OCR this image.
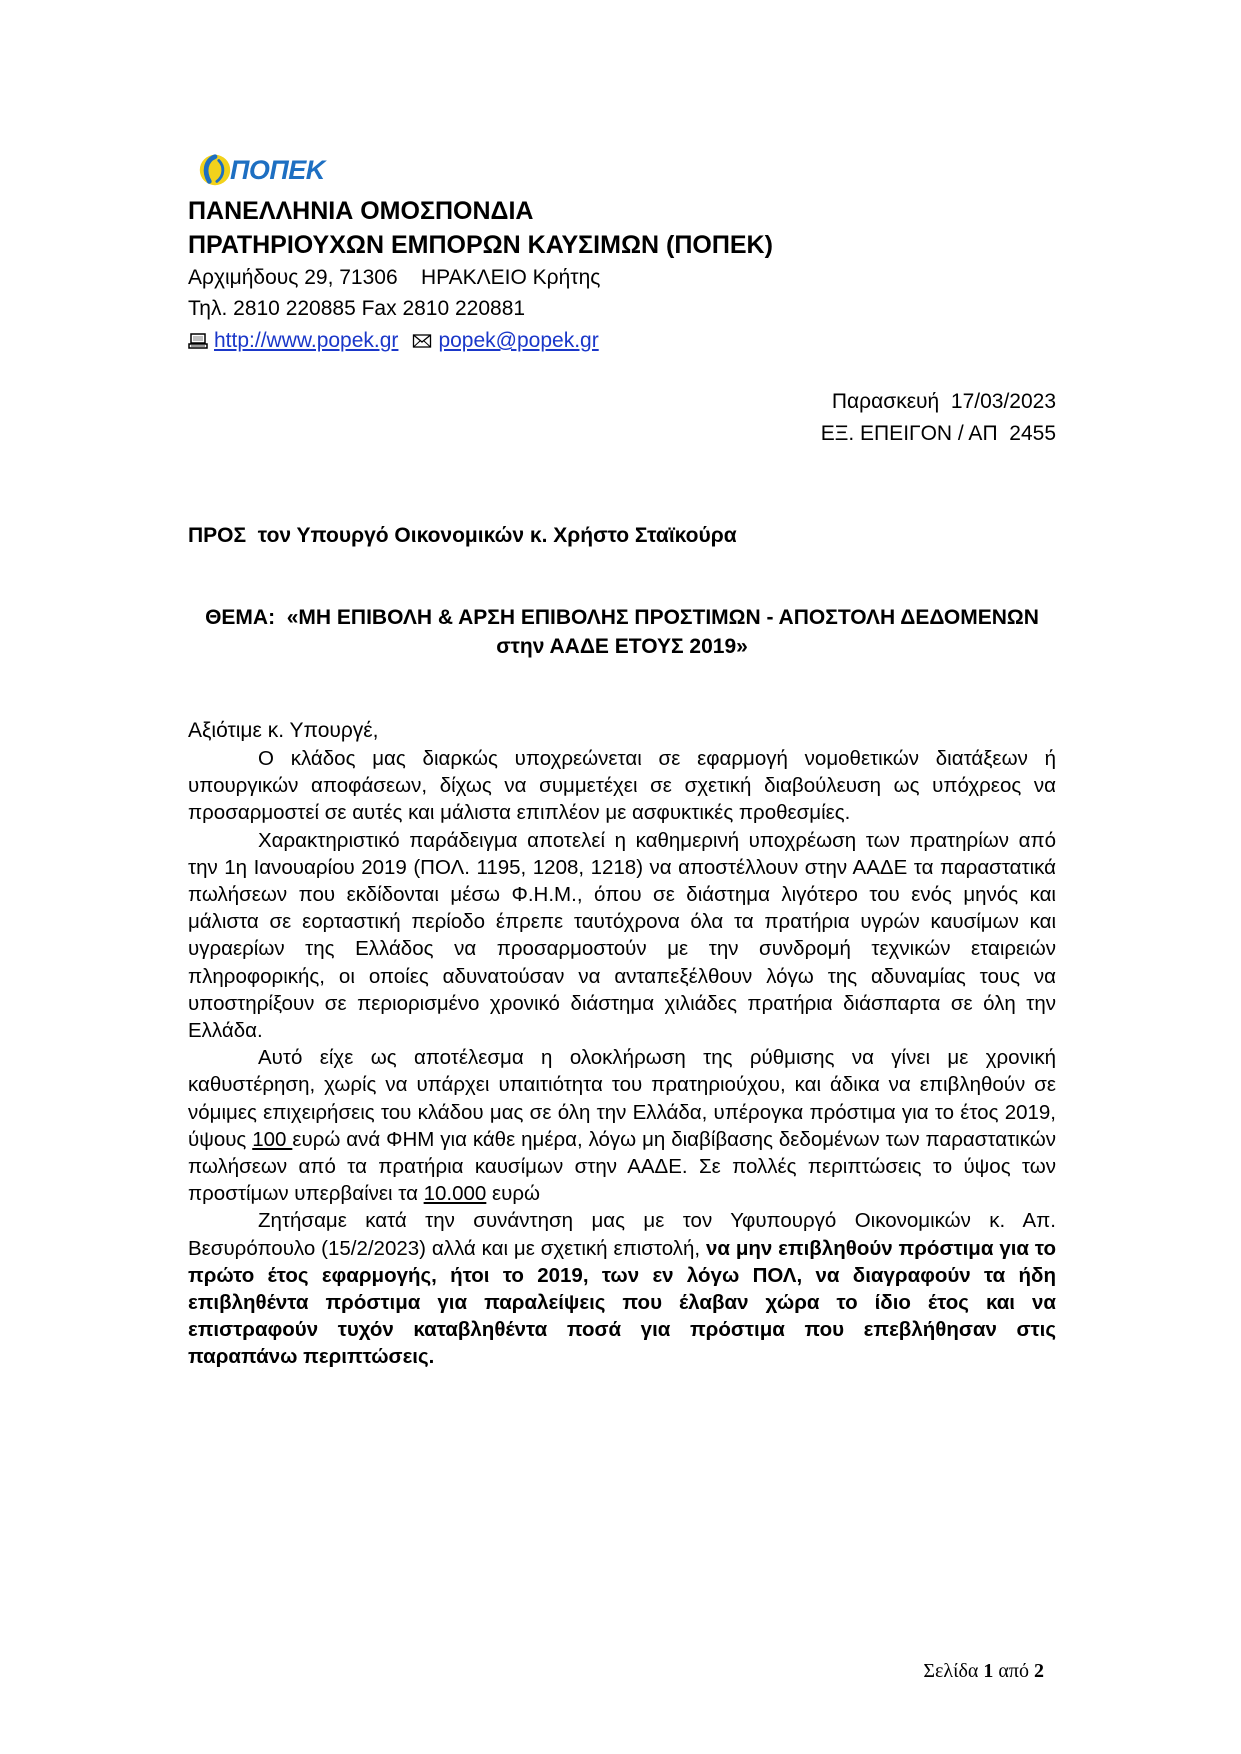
ΠΟΠΕΚ
ΠΑΝΕΛΛΗΝΙΑ ΟΜΟΣΠΟΝΔΙΑ
ΠΡΑΤΗΡΙΟΥΧΩΝ ΕΜΠΟΡΩΝ ΚΑΥΣΙΜΩΝ (ΠΟΠΕΚ)
Αρχιμήδους 29, 71306    ΗΡΑΚΛΕΙΟ Κρήτης
Τηλ. 2810 220885 Fax 2810 220881
http://www.popek.gr popek@popek.gr
Παρασκευή  17/03/2023
ΕΞ. ΕΠΕΙΓΟΝ / ΑΠ  2455
ΠΡΟΣ  τον Υπουργό Οικονομικών κ. Χρήστο Σταϊκούρα
ΘΕΜΑ:  «ΜΗ ΕΠΙΒΟΛΗ & ΑΡΣΗ ΕΠΙΒΟΛΗΣ ΠΡΟΣΤΙΜΩΝ - ΑΠΟΣΤΟΛΗ ΔΕΔΟΜΕΝΩΝ
στην ΑΑΔΕ ΕΤΟΥΣ 2019»
Αξιότιμε κ. Υπουργέ,

Ο κλάδος μας διαρκώς υποχρεώνεται σε εφαρμογή νομοθετικών διατάξεων ή υπουργικών αποφάσεων, δίχως να συμμετέχει σε σχετική διαβούλευση ως υπόχρεος να προσαρμοστεί σε αυτές και μάλιστα επιπλέον με ασφυκτικές προθεσμίες.

Χαρακτηριστικό παράδειγμα αποτελεί η καθημερινή υποχρέωση των πρατηρίων από την 1η Ιανουαρίου 2019 (ΠΟΛ. 1195, 1208, 1218) να αποστέλλουν στην ΑΑΔΕ τα παραστατικά πωλήσεων που εκδίδονται μέσω Φ.Η.Μ., όπου σε διάστημα λιγότερο του ενός μηνός και μάλιστα σε εορταστική περίοδο έπρεπε ταυτόχρονα όλα τα πρατήρια υγρών καυσίμων και υγραερίων της Ελλάδος να προσαρμοστούν με την συνδρομή τεχνικών εταιρειών πληροφορικής, οι οποίες αδυνατούσαν να ανταπεξέλθουν λόγω της αδυναμίας τους να υποστηρίξουν σε περιορισμένο χρονικό διάστημα χιλιάδες πρατήρια διάσπαρτα σε όλη την Ελλάδα.

Αυτό είχε ως αποτέλεσμα η ολοκλήρωση της ρύθμισης να γίνει με χρονική καθυστέρηση, χωρίς να υπάρχει υπαιτιότητα του πρατηριούχου, και άδικα να επιβληθούν σε νόμιμες επιχειρήσεις του κλάδου μας σε όλη την Ελλάδα, υπέρογκα πρόστιμα για το έτος 2019, ύψους 100 ευρώ ανά ΦΗΜ για κάθε ημέρα, λόγω μη διαβίβασης δεδομένων των παραστατικών πωλήσεων από τα πρατήρια καυσίμων στην ΑΑΔΕ. Σε πολλές περιπτώσεις το ύψος των προστίμων υπερβαίνει τα 10.000 ευρώ

Ζητήσαμε κατά την συνάντηση μας με τον Υφυπουργό Οικονομικών κ. Απ. Βεσυρόπουλο (15/2/2023) αλλά και με σχετική επιστολή, να μην επιβληθούν πρόστιμα για το πρώτο έτος εφαρμογής, ήτοι το 2019, των εν λόγω ΠΟΛ, να διαγραφούν τα ήδη επιβληθέντα πρόστιμα για παραλείψεις που έλαβαν χώρα το ίδιο έτος και να επιστραφούν τυχόν καταβληθέντα ποσά για πρόστιμα που επεβλήθησαν στις παραπάνω περιπτώσεις.

Σελίδα 1 από 2
